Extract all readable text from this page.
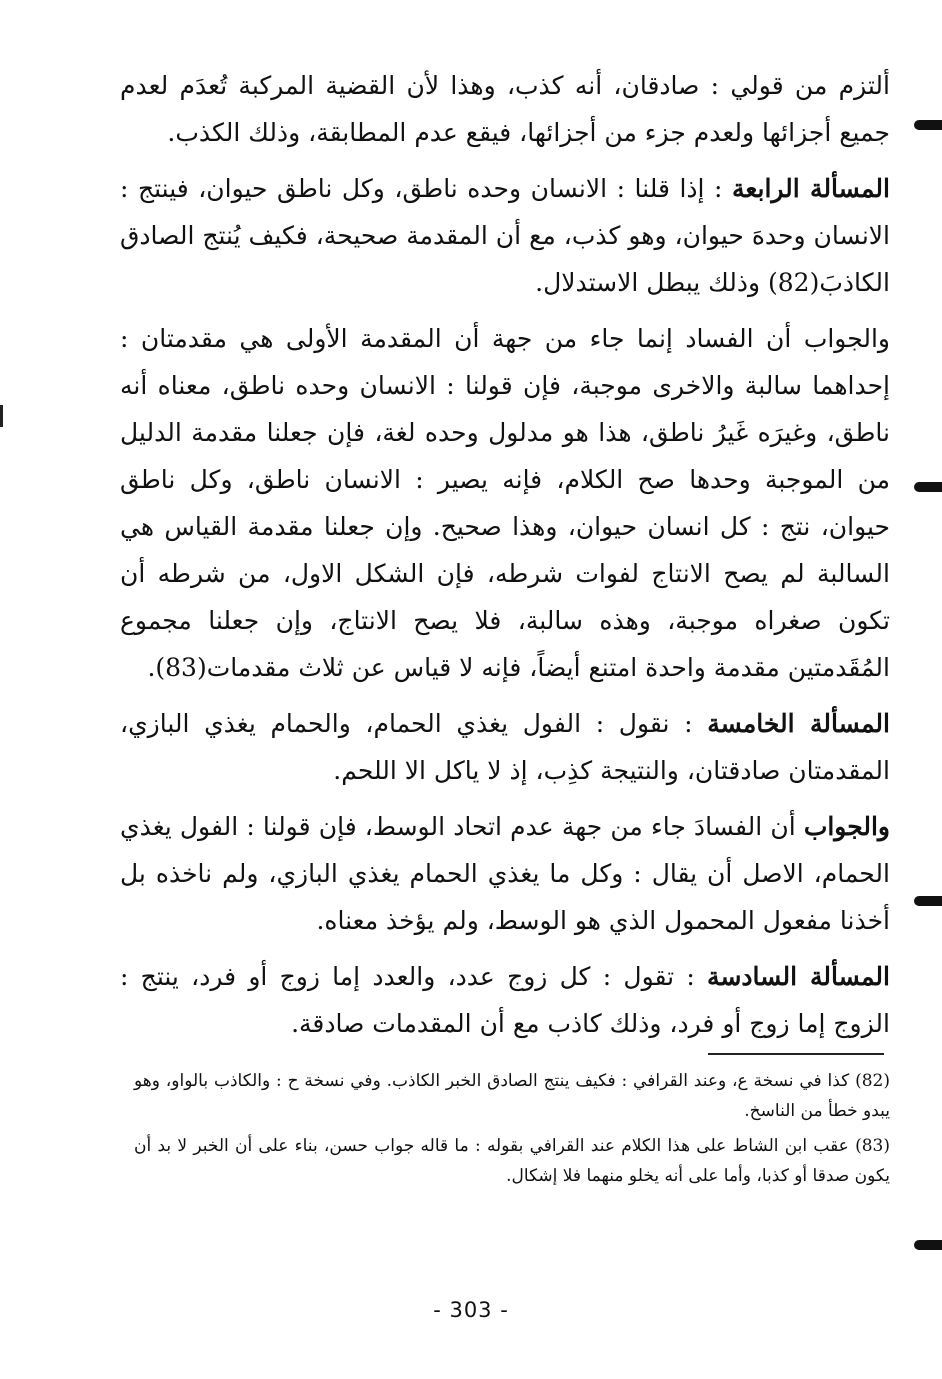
ألتزم من قولي : صادقان، أنه كذب، وهذا لأن القضية المركبة تُعدَم لعدم جميع أجزائها ولعدم جزء من أجزائها، فيقع عدم المطابقة، وذلك الكذب.

المسألة الرابعة : إذا قلنا : الانسان وحده ناطق، وكل ناطق حيوان، فينتج : الانسان وحدهَ حيوان، وهو كذب، مع أن المقدمة صحيحة، فكيف يُنتج الصادق الكاذبَ(82) وذلك يبطل الاستدلال.

والجواب أن الفساد إنما جاء من جهة أن المقدمة الأولى هي مقدمتان : إحداهما سالبة والاخرى موجبة، فإن قولنا : الانسان وحده ناطق، معناه أنه ناطق، وغيرَه غَيرُ ناطق، هذا هو مدلول وحده لغة، فإن جعلنا مقدمة الدليل من الموجبة وحدها صح الكلام، فإنه يصير : الانسان ناطق، وكل ناطق حيوان، نتج : كل انسان حيوان، وهذا صحيح. وإن جعلنا مقدمة القياس هي السالبة لم يصح الانتاج لفوات شرطه، فإن الشكل الاول، من شرطه أن تكون صغراه موجبة، وهذه سالبة، فلا يصح الانتاج، وإن جعلنا مجموع المُقَدمتين مقدمة واحدة امتنع أيضاً، فإنه لا قياس عن ثلاث مقدمات(83).

المسألة الخامسة : نقول : الفول يغذي الحمام، والحمام يغذي البازي، المقدمتان صادقتان، والنتيجة كذِب، إذ لا ياكل الا اللحم.

والجواب أن الفسادَ جاء من جهة عدم اتحاد الوسط، فإن قولنا : الفول يغذي الحمام، الاصل أن يقال : وكل ما يغذي الحمام يغذي البازي، ولم ناخذه بل أخذنا مفعول المحمول الذي هو الوسط، ولم يؤخذ معناه.

المسألة السادسة : تقول : كل زوج عدد، والعدد إما زوج أو فرد، ينتج : الزوج إما زوج أو فرد، وذلك كاذب مع أن المقدمات صادقة.

(82) كذا في نسخة ع، وعند القرافي : فكيف ينتج الصادق الخبر الكاذب. وفي نسخة ح : والكاذب بالواو، وهو يبدو خطأ من الناسخ.

(83) عقب ابن الشاط على هذا الكلام عند القرافي بقوله : ما قاله جواب حسن، بناء على أن الخبر لا بد أن يكون صدقا أو كذبا، وأما على أنه يخلو منهما فلا إشكال.

- 303 -
